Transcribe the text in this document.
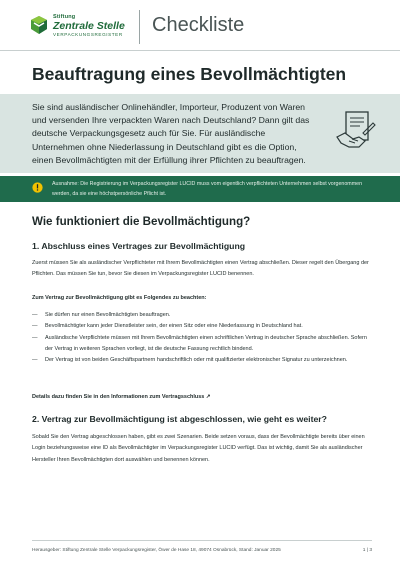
Stiftung
Zentrale Stelle
VERPACKUNGSREGISTER Checkliste
Beauftragung eines Bevollmächtigten
Sie sind ausländischer Onlinehändler, Importeur, Produzent von Waren und versenden Ihre verpackten Waren nach Deutschland? Dann gilt das deutsche Verpackungsgesetz auch für Sie. Für ausländische Unternehmen ohne Niederlassung in Deutschland gibt es die Option, einen Bevollmächtigten mit der Erfüllung ihrer Pflichten zu beauftragen.
Ausnahme: Die Registrierung im Verpackungsregister LUCID muss vom eigentlich verpflichteten Unternehmen selbst vorgenommen werden, da sie eine höchstpersönliche Pflicht ist.
Wie funktioniert die Bevollmächtigung?
1. Abschluss eines Vertrages zur Bevollmächtigung

Zuerst müssen Sie als ausländischer Verpflichteter mit Ihrem Bevollmächtigten einen Vertrag abschließen. Dieser regelt den Übergang der Pflichten. Das müssen Sie tun, bevor Sie diesen im Verpackungsregister LUCID benennen.

Zum Vertrag zur Bevollmächtigung gibt es Folgendes zu beachten:

— Sie dürfen nur einen Bevollmächtigten beauftragen.
— Bevollmächtigter kann jeder Dienstleister sein, der einen Sitz oder eine Niederlassung in Deutschland hat.
— Ausländische Verpflichtete müssen mit Ihrem Bevollmächtigten einen schriftlichen Vertrag in deutscher Sprache abschließen. Sofern der Vertrag in weiteren Sprachen vorliegt, ist die deutsche Fassung rechtlich bindend.
— Der Vertrag ist von beiden Geschäftspartnern handschriftlich oder mit qualifizierter elektronischer Signatur zu unterzeichnen.

Details dazu finden Sie in den Informationen zum Vertragsschluss ↗

2. Vertrag zur Bevollmächtigung ist abgeschlossen, wie geht es weiter?

Sobald Sie den Vertrag abgeschlossen haben, gibt es zwei Szenarien. Beide setzen voraus, dass der Bevollmächtigte bereits über einen Login beziehungsweise eine ID als Bevollmächtigter im Verpackungsregister LUCID verfügt. Das ist wichtig, damit Sie als ausländischer Hersteller Ihren Bevollmächtigten dort auswählen und benennen können.

Herausgeber: Stiftung Zentrale Stelle Verpackungsregister, Öwer de Hase 18, 49074 Osnabrück, Stand: Januar 2025	1 | 3
